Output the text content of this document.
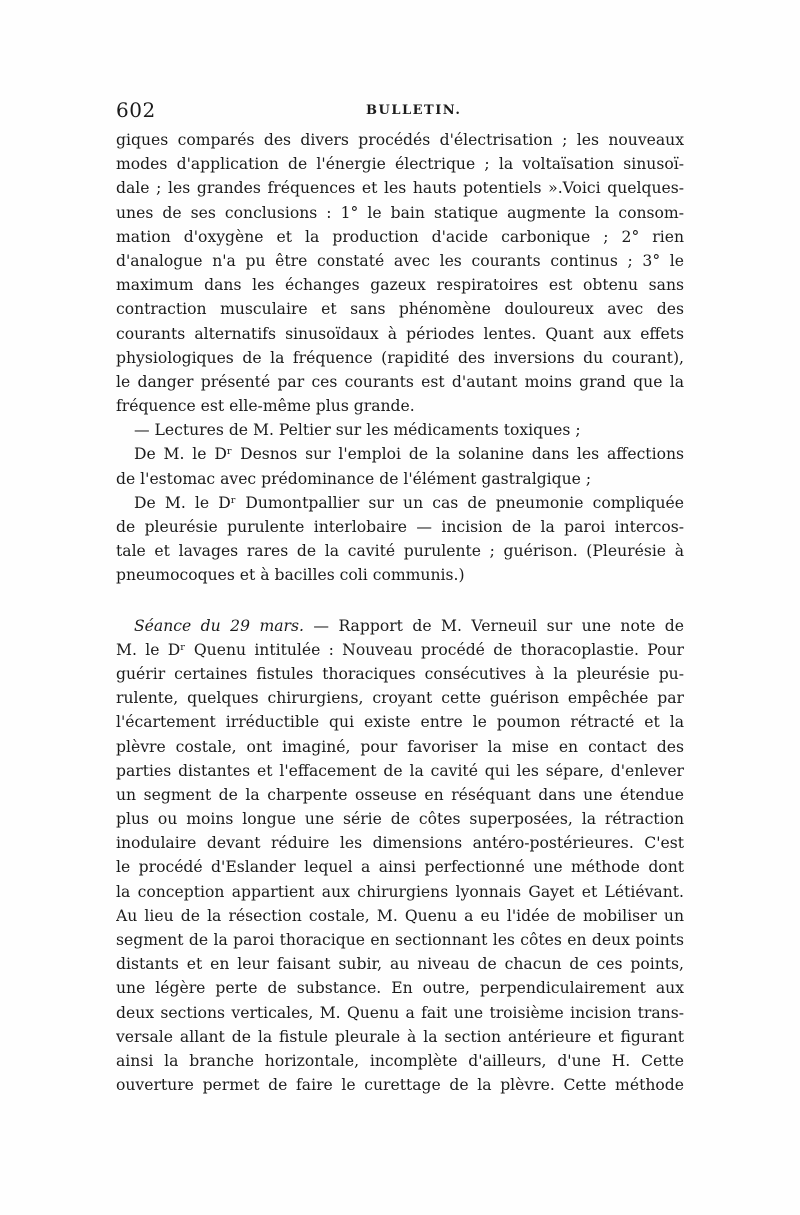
602	BULLETIN.
giques comparés des divers procédés d'électrisation ; les nouveaux
modes d'application de l'énergie électrique ; la voltaïsation sinusoï-
dale ; les grandes fréquences et les hauts potentiels ».Voici quelques-
unes de ses conclusions : 1° le bain statique augmente la consom-
mation d'oxygène et la production d'acide carbonique ; 2° rien
d'analogue n'a pu être constaté avec les courants continus ; 3° le
maximum dans les échanges gazeux respiratoires est obtenu sans
contraction musculaire et sans phénomène douloureux avec des
courants alternatifs sinusoïdaux à périodes lentes. Quant aux effets
physiologiques de la fréquence (rapidité des inversions du courant),
le danger présenté par ces courants est d'autant moins grand que la
fréquence est elle-même plus grande.
— Lectures de M. Peltier sur les médicaments toxiques ;
De M. le Dʳ Desnos sur l'emploi de la solanine dans les affections
de l'estomac avec prédominance de l'élément gastralgique ;
De M. le Dʳ Dumontpallier sur un cas de pneumonie compliquée
de pleurésie purulente interlobaire — incision de la paroi intercos-
tale et lavages rares de la cavité purulente ; guérison. (Pleurésie à
pneumocoques et à bacilles coli communis.)
Séance du 29 mars. — Rapport de M. Verneuil sur une note de
M. le Dʳ Quenu intitulée : Nouveau procédé de thoracoplastie. Pour
guérir certaines fistules thoraciques consécutives à la pleurésie pu-
rulente, quelques chirurgiens, croyant cette guérison empêchée par
l'écartement irréductible qui existe entre le poumon rétracté et la
plèvre costale, ont imaginé, pour favoriser la mise en contact des
parties distantes et l'effacement de la cavité qui les sépare, d'enlever
un segment de la charpente osseuse en réséquant dans une étendue
plus ou moins longue une série de côtes superposées, la rétraction
inodulaire devant réduire les dimensions antéro-postérieures. C'est
le procédé d'Eslander lequel a ainsi perfectionné une méthode dont
la conception appartient aux chirurgiens lyonnais Gayet et Létiévant.
Au lieu de la résection costale, M. Quenu a eu l'idée de mobiliser un
segment de la paroi thoracique en sectionnant les côtes en deux points
distants et en leur faisant subir, au niveau de chacun de ces points,
une légère perte de substance. En outre, perpendiculairement aux
deux sections verticales, M. Quenu a fait une troisième incision trans-
versale allant de la fistule pleurale à la section antérieure et figurant
ainsi la branche horizontale, incomplète d'ailleurs, d'une H. Cette
ouverture permet de faire le curettage de la plèvre. Cette méthode
